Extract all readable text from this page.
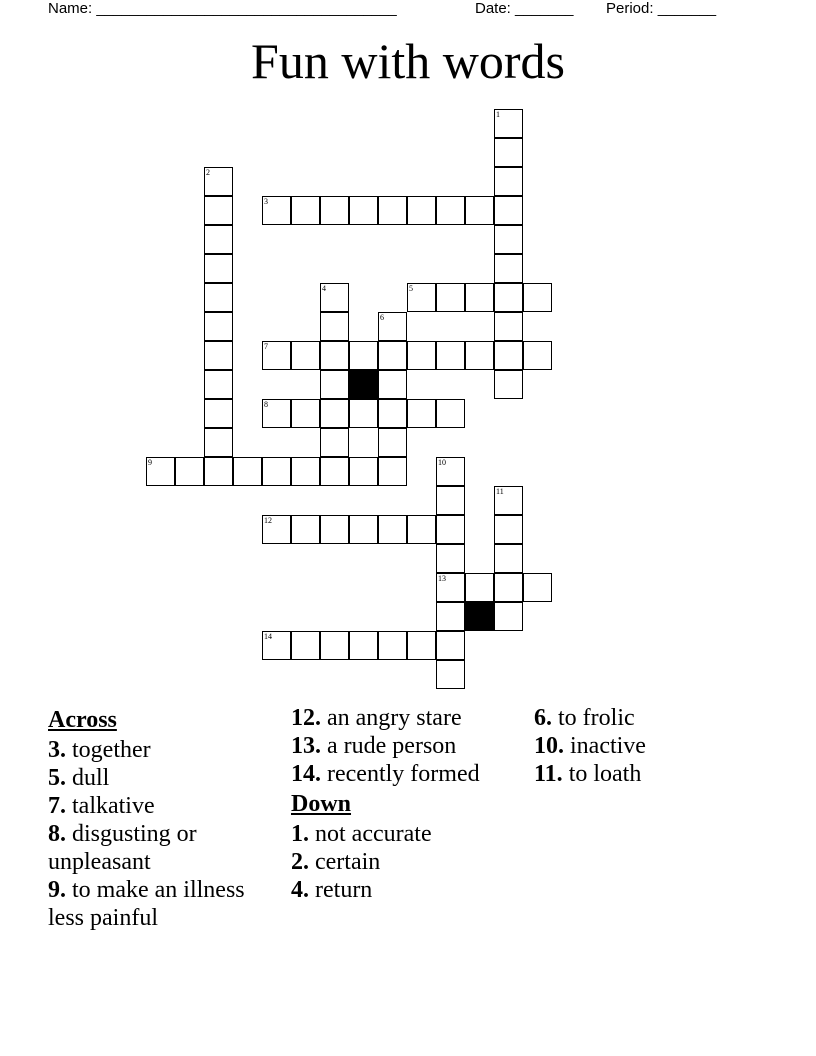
Name: ____________________________________	Date: _______ Period: _______
Fun with words
1
2
3
4	5
6
7
8
9	10
13
11
12
14
Across
3. together
5. dull
7. talkative
8. disgusting or unpleasant
9. to make an illness less painful
12. an angry stare
13. a rude person
14. recently formed
Down
1. not accurate
2. certain
4. return
6. to frolic
10. inactive
11. to loath
